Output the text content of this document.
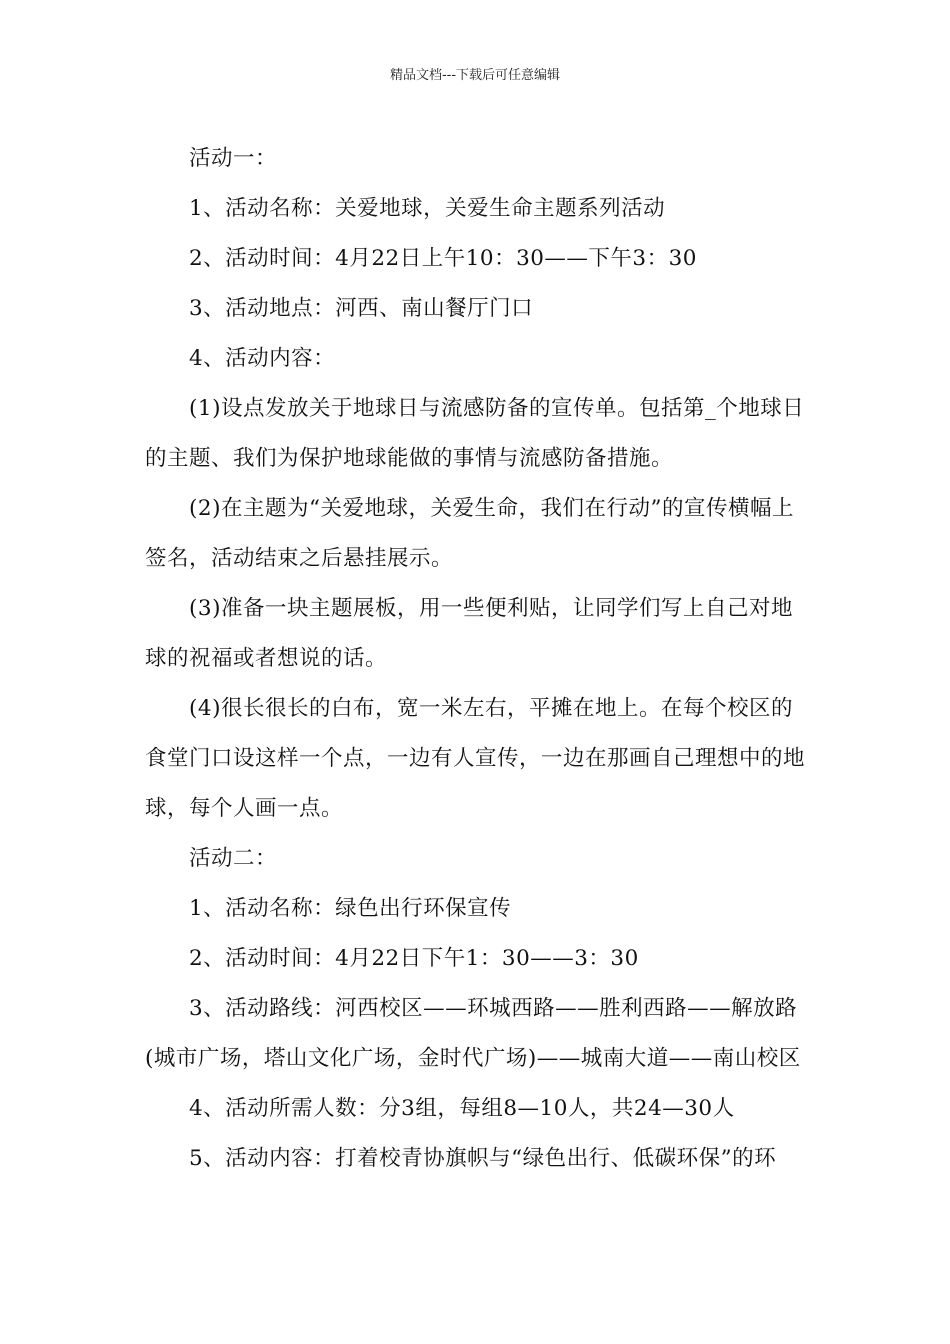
精品文档---下载后可任意编辑

活动一：

1、活动名称：关爱地球，关爱生命主题系列活动

2、活动时间：4月22日上午10：30——下午3：30

3、活动地点：河西、南山餐厅门口

4、活动内容：

(1)设点发放关于地球日与流感防备的宣传单。包括第_个地球日的主题、我们为保护地球能做的事情与流感防备措施。

(2)在主题为“关爱地球，关爱生命，我们在行动”的宣传横幅上签名，活动结束之后悬挂展示。

(3)准备一块主题展板，用一些便利贴，让同学们写上自己对地球的祝福或者想说的话。

(4)很长很长的白布，宽一米左右，平摊在地上。在每个校区的食堂门口设这样一个点，一边有人宣传，一边在那画自己理想中的地球，每个人画一点。

活动二：

1、活动名称：绿色出行环保宣传

2、活动时间：4月22日下午1：30——3：30

3、活动路线：河西校区——环城西路——胜利西路——解放路(城市广场，塔山文化广场，金时代广场)——城南大道——南山校区

4、活动所需人数：分3组，每组8—10人，共24—30人

5、活动内容：打着校青协旗帜与“绿色出行、低碳环保”的环
